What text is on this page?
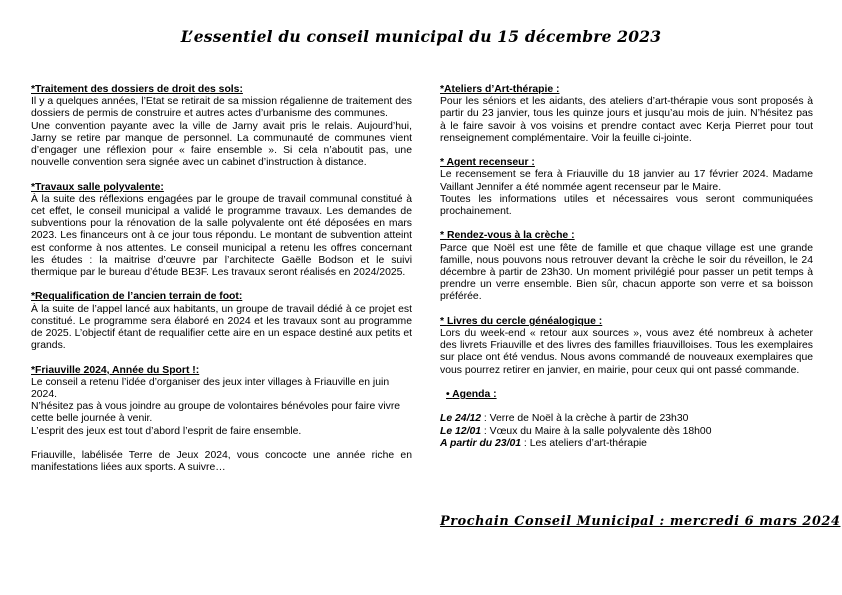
L’essentiel du conseil municipal du 15 décembre 2023
*Traitement des dossiers de droit des sols:
Il y a quelques années, l’Etat se retirait de sa mission régalienne de traitement des dossiers de permis de construire et autres actes d’urbanisme des communes.
Une convention payante avec la ville de Jarny avait pris le relais. Aujourd’hui, Jarny se retire par manque de personnel. La communauté de communes vient d’engager une réflexion pour « faire ensemble ». Si cela n’aboutit pas, une nouvelle convention sera signée avec un cabinet d’instruction à distance.
*Travaux salle polyvalente:
À la suite des réflexions engagées par le groupe de travail communal constitué à cet effet, le conseil municipal a validé le programme travaux. Les demandes de subventions pour la rénovation de la salle polyvalente ont été déposées en mars 2023. Les financeurs ont à ce jour tous répondu. Le montant de subvention atteint est conforme à nos attentes. Le conseil municipal a retenu les offres concernant les études : la maitrise d’œuvre par l’architecte Gaëlle Bodson et le suivi thermique par le bureau d’étude BE3F. Les travaux seront réalisés en 2024/2025.
*Requalification de l’ancien terrain de foot:
À la suite de l’appel lancé aux habitants, un groupe de travail dédié à ce projet est constitué. Le programme sera élaboré en 2024 et les travaux sont au programme de 2025. L’objectif étant de requalifier cette aire en un espace destiné aux petits et grands.
*Friauville 2024, Année du Sport !:
Le conseil a retenu l’idée d’organiser des jeux inter villages à Friauville en juin 2024.
N’hésitez pas à vous joindre au groupe de volontaires bénévoles pour faire vivre cette belle journée à venir.
L’esprit des jeux est tout d’abord l’esprit de faire ensemble.
Friauville, labélisée Terre de Jeux 2024, vous concocte une année riche en manifestations liées aux sports. A suivre…
*Ateliers d’Art-thérapie :
Pour les séniors et les aidants, des ateliers d’art-thérapie vous sont proposés à partir du 23 janvier, tous les quinze jours et jusqu’au mois de juin. N’hésitez pas à le faire savoir à vos voisins et prendre contact avec Kerja Pierret pour tout renseignement complémentaire. Voir la feuille ci-jointe.
* Agent recenseur :
Le recensement se fera à Friauville du 18 janvier au 17 février 2024. Madame Vaillant Jennifer a été nommée agent recenseur par le Maire.
Toutes les informations utiles et nécessaires vous seront communiquées prochainement.
* Rendez-vous à la crèche :
Parce que Noël est une fête de famille et que chaque village est une grande famille, nous pouvons nous retrouver devant la crèche le soir du réveillon, le 24 décembre à partir de 23h30. Un moment privilégié pour passer un petit temps à prendre un verre ensemble. Bien sûr, chacun apporte son verre et sa boisson préférée.
* Livres du cercle généalogique :
Lors du week-end « retour aux sources », vous avez été nombreux à acheter des livrets Friauville et des livres des familles friauvilloises. Tous les exemplaires sur place ont été vendus. Nous avons commandé de nouveaux exemplaires que vous pourrez retirer en janvier, en mairie, pour ceux qui ont passé commande.
• Agenda :
Le 24/12 : Verre de Noël à la crèche à partir de 23h30
Le 12/01 : Vœux du Maire à la salle polyvalente dès 18h00
A partir du 23/01 : Les ateliers d’art-thérapie
Prochain Conseil Municipal : mercredi 6 mars 2024
